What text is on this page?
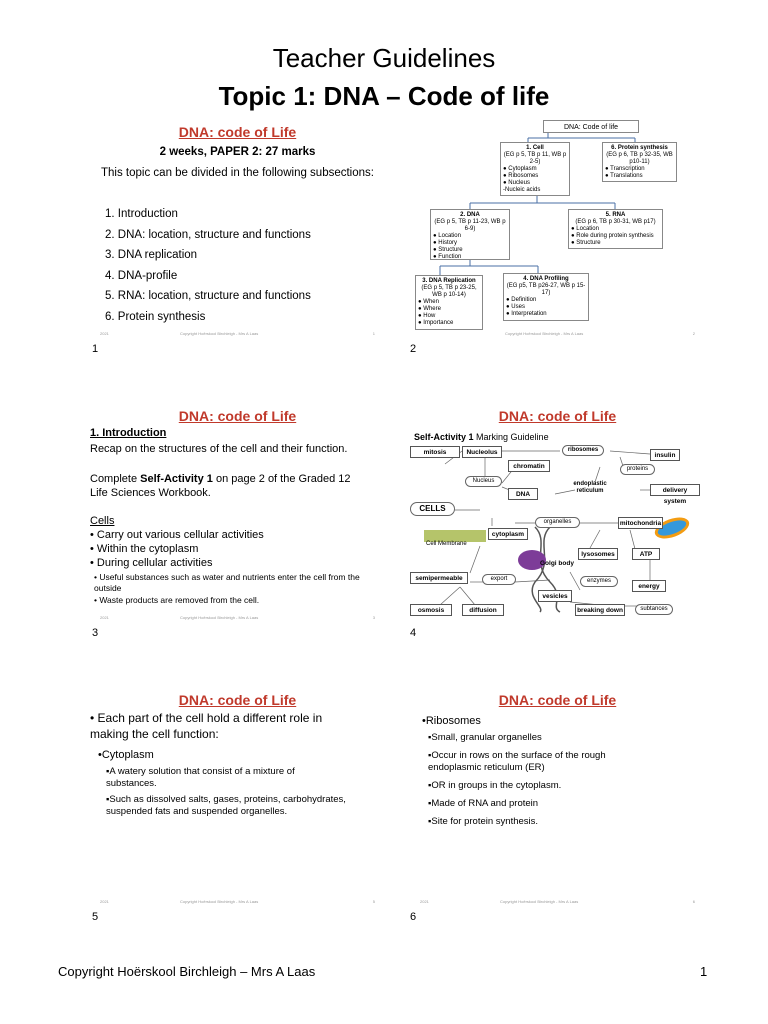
Teacher Guidelines
Topic 1: DNA – Code of life
DNA: code of Life
2 weeks, PAPER 2: 27 marks
This topic can be divided in the following subsections:
1. Introduction
2. DNA: location, structure and functions
3. DNA replication
4. DNA-profile
5. RNA: location, structure and functions
6. Protein synthesis
2021	Copyright Hoërskool Birchleigh - Mrs A Laas	1
1
DNA: Code of life
1. Cell
(EG p 5, TB p 11, WB p 2-5)
● Cytoplasm
● Ribosomes
● Nucleus
-Nucleic acids
6. Protein synthesis
(EG p 6, TB p 32-35, WB p10-11)
● Transcription
● Translations
2. DNA
(EG p 5, TB p 11-23, WB p 6-9)
● Location
● History
● Structure
● Function
5. RNA
(EG p 6, TB p 30-31, WB p17)
● Location
● Role during protein synthesis
● Structure
3. DNA Replication
(EG p 5, TB p 23-25, WB p 10-14)
● When
● Where
● How
● Importance
4. DNA Profiling
(EG p5, TB p26-27, WB p 15-17)
● Definition
● Uses
● Interpretation
Copyright Hoërskool Birchleigh - Mrs A Laas	2
2
DNA: code of Life
1. Introduction
Recap on the structures of the cell and their function.
Complete Self-Activity 1 on page 2 of the Graded 12 Life Sciences Workbook.
Cells
• Carry out various cellular activities
• Within the cytoplasm
• During cellular activities
• Useful substances such as water and nutrients enter the cell from the outside
• Waste products are removed from the cell.
2021	Copyright Hoërskool Birchleigh - Mrs A Laas	3
3
DNA: code of Life
Self-Activity 1 Marking Guideline
mitosis	Nucleolus	ribosomes
insulin
proteins
chromatin
Nucleus
DNA
endoplastic reticulum	delivery system
CELLS
organelles	mitochondria
Cell Membrane
cytoplasm
lysosomes	ATP
Golgi body
semipermeable	export	enzymes
energy
vesicles
osmosis	diffusion	breaking down	subtances
4
DNA: code of Life
• Each part of the cell hold a different role in making the cell function:
•Cytoplasm
▪A watery solution that consist of a mixture of substances.
▪Such as dissolved salts, gases, proteins, carbohydrates, suspended fats and suspended organelles.
2021	Copyright Hoërskool Birchleigh - Mrs A Laas	5
5
DNA: code of Life
•Ribosomes
▪Small, granular organelles
▪Occur in rows on the surface of the rough endoplasmic reticulum (ER)
▪OR in groups in the cytoplasm.
▪Made of RNA and protein
▪Site for protein synthesis.
2021	Copyright Hoërskool Birchleigh - Mrs A Laas	6
6
Copyright Hoërskool Birchleigh – Mrs A Laas	1
